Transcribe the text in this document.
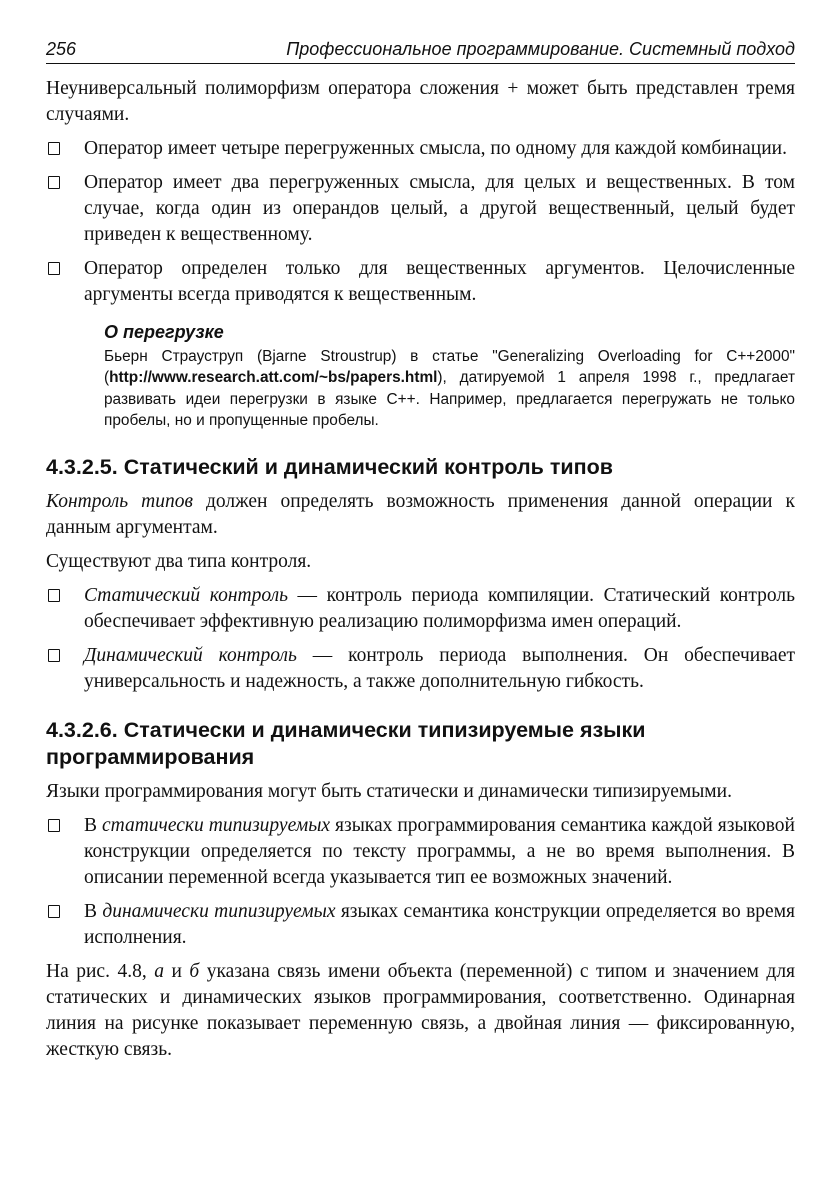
256	Профессиональное программирование. Системный подход

Неуниверсальный полиморфизм оператора сложения + может быть представлен тремя случаями.

Оператор имеет четыре перегруженных смысла, по одному для каждой комбинации.
Оператор имеет два перегруженных смысла, для целых и вещественных. В том случае, когда один из операндов целый, а другой вещественный, целый будет приведен к вещественному.
Оператор определен только для вещественных аргументов. Целочисленные аргументы всегда приводятся к вещественным.
О перегрузке
Бьерн Страуструп (Bjarne Stroustrup) в статье "Generalizing Overloading for C++2000" (http://www.research.att.com/~bs/papers.html), датируемой 1 апреля 1998 г., предлагает развивать идеи перегрузки в языке С++. Например, предлагается перегружать не только пробелы, но и пропущенные пробелы.
4.3.2.5. Статический и динамический контроль типов

Контроль типов должен определять возможность применения данной операции к данным аргументам.

Существуют два типа контроля.

Статический контроль — контроль периода компиляции. Статический контроль обеспечивает эффективную реализацию полиморфизма имен операций.
Динамический контроль — контроль периода выполнения. Он обеспечивает универсальность и надежность, а также дополнительную гибкость.
4.3.2.6. Статически и динамически типизируемые языки программирования

Языки программирования могут быть статически и динамически типизируемыми.

В статически типизируемых языках программирования семантика каждой языковой конструкции определяется по тексту программы, а не во время выполнения. В описании переменной всегда указывается тип ее возможных значений.
В динамически типизируемых языках семантика конструкции определяется во время исполнения.

На рис. 4.8, а и б указана связь имени объекта (переменной) с типом и значением для статических и динамических языков программирования, соответственно. Одинарная линия на рисунке показывает переменную связь, а двойная линия — фиксированную, жесткую связь.
